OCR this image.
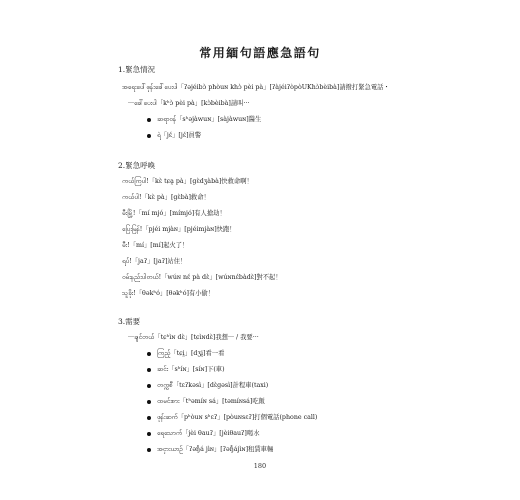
常用緬句語應急語句
1.緊急情況
အရေးပေါ်ဖုန်းခေါ်ပေးပါ「ʔəjéibɔ̀ phòuɴ khɔ̀ pèi pà」[ʔàjéiʔòpòUKhɔ̀bèibà]請撥打緊急電話・
···ခေါ်ပေးပါ「kʰɔ̀ pèi pà」[kɔ̀bèibà]請叫···
ဆရာဝန်「sʰəjàwuɴ」[sàjàwuɴ]醫生
ရဲ「jɛ́」[jɛ́]員警
2.緊急呼喚
ကယ်ကြပါ!「kɛ̀ tɕa̰ pà」[gɛ̀dʒàbà]快救命啊！
ကယ်ပါ!「kɛ̀ pà」[gɛ̀bà]救命！
မီးမြို့!「mí mjó」[mímjó]有人搶劫！
ပြေးမြန်!「pjéi mjàɴ」[pjéimjàɴ]快跑！
မီး!「mí」[mí]起火了！
ရပ်!「jaʔ」[jaʔ]站住！
ဝမ်းနည်းပါတယ်!「wúɴ nɛ́ pà dɛ̀」[wúɴnɛ́bàdɛ̀]對不起！
သူခိုး!「θəkʰó」[θəkʰó]有小偷！
3.需要
···ချင်တယ်「tɕʰìɴ dɛ̀」[tɕìɴdɛ̀]我想··· / 我要···
ကြည့်「tɕḭ」[dʒḭ]看一看
ဆင်း「sʰíɴ」[síɴ]下(車)
တက္ကစီ「tɛʔkəsì」[dɛ̀gəsì]計程車(taxi)
ထမင်းစား「tʰəmíɴ sá」[təmíɴsá]吃飯
ဖုန်းဆက်「pʰòuɴ sʰɛʔ」[pòuɴsɛʔ]打個電話(phone call)
ရေသောက်「jèi θauʔ」[jèiθauʔ]喝水
အငှားယာဉ်「ʔəŋ̊á jìɴ」[ʔəŋ̊ájìɴ]租賃車輛
180
